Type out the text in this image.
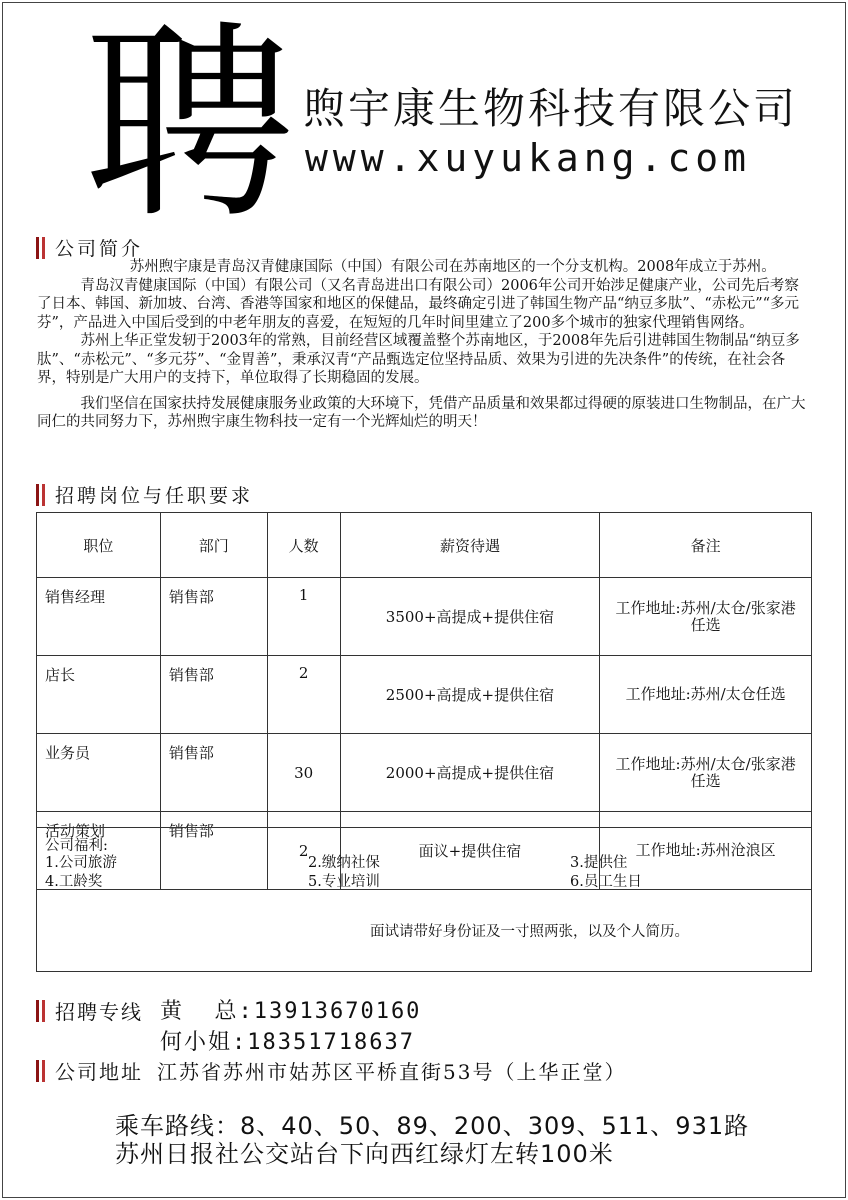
聘 煦宇康生物科技有限公司
www.xuyukang.com
公司简介

苏州煦宇康是青岛汉青健康国际（中国）有限公司在苏南地区的一个分支机构。2008年成立于苏州。

青岛汉青健康国际（中国）有限公司（又名青岛进出口有限公司）2006年公司开始涉足健康产业，公司先后考察了日本、韩国、新加坡、台湾、香港等国家和地区的保健品，最终确定引进了韩国生物产品“纳豆多肽”、“赤松元”“多元芬”，产品进入中国后受到的中老年朋友的喜爱，在短短的几年时间里建立了200多个城市的独家代理销售网络。

苏州上华正堂发轫于2003年的常熟，目前经营区域覆盖整个苏南地区，于2008年先后引进韩国生物制品“纳豆多肽”、“赤松元”、“多元芬”、“金胃善”，秉承汉青“产品甄选定位坚持品质、效果为引进的先决条件”的传统，在社会各界，特别是广大用户的支持下，单位取得了长期稳固的发展。

我们坚信在国家扶持发展健康服务业政策的大环境下，凭借产品质量和效果都过得硬的原装进口生物制品，在广大同仁的共同努力下，苏州煦宇康生物科技一定有一个光辉灿烂的明天！

招聘岗位与任职要求
职位	部门	人数	薪资待遇	备注
销售经理	销售部	1	3500+高提成+提供住宿	工作地址:苏州/太仓/张家港任选
店长	销售部	2	2500+高提成+提供住宿	工作地址:苏州/太仓任选
业务员	销售部	30	2000+高提成+提供住宿	工作地址:苏州/太仓/张家港任选
活动策划	销售部	2	面议+提供住宿	工作地址:苏州沧浪区
公司福利:
1.公司旅游	2.缴纳社保	3.提供住
4.工龄奖	5.专业培训	6.员工生日
面试请带好身份证及一寸照两张，以及个人简历。
招聘专线 黄  总:13913670160
何小姐:18351718637
公司地址 江苏省苏州市姑苏区平桥直街53号（上华正堂）
乘车路线：8、40、50、89、200、309、511、931路
苏州日报社公交站台下向西红绿灯左转100米
